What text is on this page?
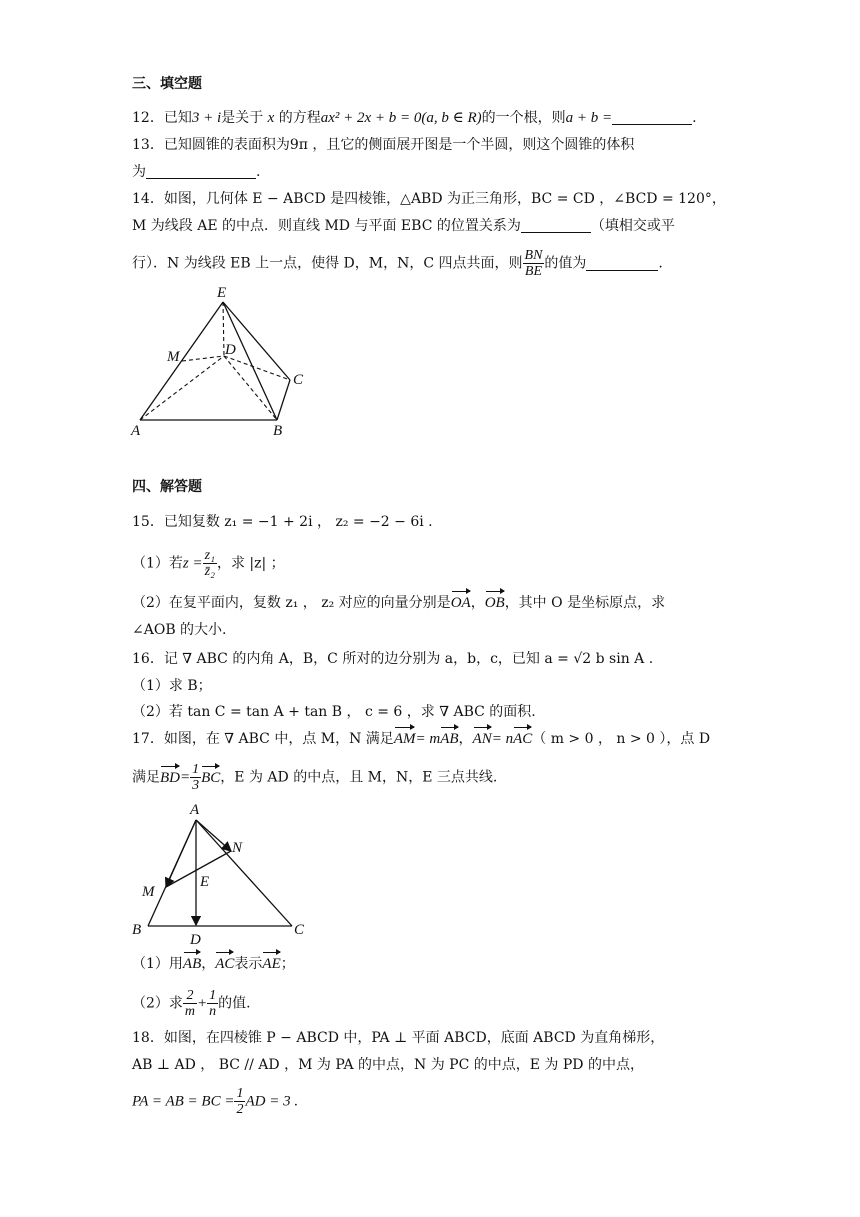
三、填空题
12．已知3 + i是关于 x 的方程ax² + 2x + b = 0(a, b ∈ R)的一个根，则a + b =	.
13．已知圆锥的表面积为9π ，且它的侧面展开图是一个半圆，则这个圆锥的体积
为	.
14．如图，几何体 E − ABCD 是四棱锥，△ABD 为正三角形，BC = CD ，∠BCD = 120°，
M 为线段 AE 的中点．则直线 MD 与平面 EBC 的位置关系为	（填相交或平
行）．N 为线段 EB 上一点，使得 D，M，N，C 四点共面，则 $\frac{BN}{BE}$ 的值为	.
E
M	D
C
A	B
四、解答题
15．已知复数 z₁ = −1 + 2i ， z₂ = −2 − 6i .
（1）若$z = \frac{\text{z₁}}{\text{z̄₂}}$ ，求 |z| ；
（2）在复平面内，复数 z₁ ， z₂ 对应的向量分别是OA，OB，其中 O 是坐标原点，求
∠AOB 的大小.
16．记 ∇ ABC 的内角 A，B，C 所对的边分别为 a，b，c，已知 a = √2 b sin A .
（1）求 B；
（2）若 tan C = tan A + tan B ， c = 6 ，求 ∇ ABC 的面积.
17．如图，在 ∇ ABC 中，点 M，N 满足AM= mAB，AN= nAC（ m > 0 ， n > 0 ），点 D
满足$BD= \frac{1}{3}$ BC，E 为 AD 的中点，且 M，N，E 三点共线.
A
N
E
M
B
D
C
（1）用AB，AC表示AE；
（2）求 $\frac{2}{m} + \frac{1}{n}$ 的值.
18．如图，在四棱锥 P − ABCD 中，PA ⊥ 平面 ABCD，底面 ABCD 为直角梯形，
AB ⊥ AD ， BC // AD ，M 为 PA 的中点，N 为 PC 的中点，E 为 PD 的中点，
PA = AB = BC = $\frac{1}{2}$ AD = 3 .
